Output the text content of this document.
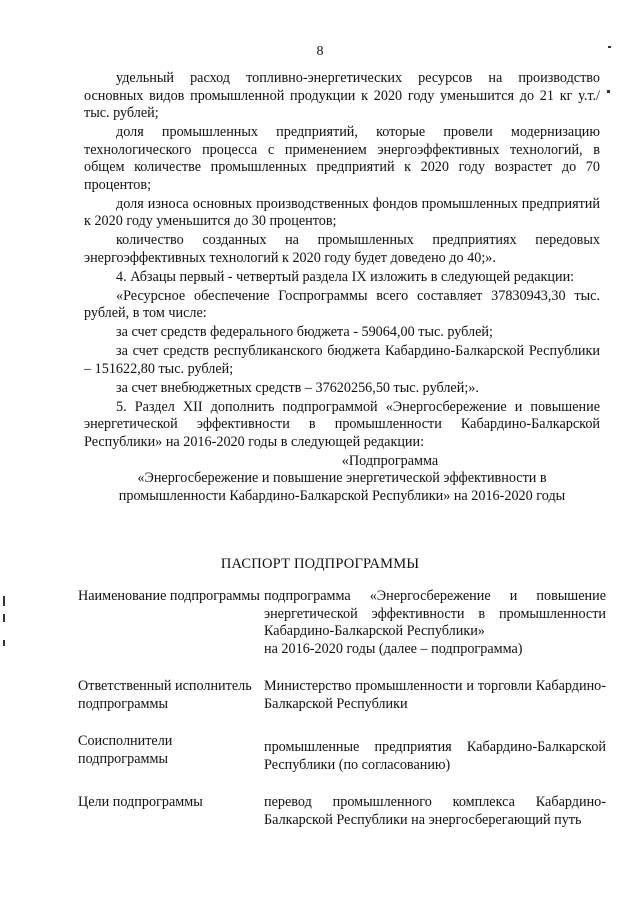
8

удельный расход топливно-энергетических ресурсов на производство основных видов промышленной продукции к 2020 году уменьшится до 21 кг у.т./тыс. рублей;

доля промышленных предприятий, которые провели модернизацию технологического процесса с применением энергоэффективных технологий, в общем количестве промышленных предприятий к 2020 году возрастет до 70 процентов;

доля износа основных производственных фондов промышленных предприятий к 2020 году уменьшится до 30 процентов;

количество созданных на промышленных предприятиях передовых энергоэффективных технологий к 2020 году будет доведено до 40;».

4. Абзацы первый - четвертый раздела IX изложить в следующей редакции:

«Ресурсное обеспечение Госпрограммы всего составляет 37830943,30 тыс. рублей, в том числе:

за счет средств федерального бюджета - 59064,00 тыс. рублей;

за счет средств республиканского бюджета Кабардино-Балкарской Республики – 151622,80 тыс. рублей;

за счет внебюджетных средств – 37620256,50 тыс. рублей;».

5. Раздел XII дополнить подпрограммой «Энергосбережение и повышение энергетической эффективности в промышленности Кабардино-Балкарской Республики» на 2016-2020 годы в следующей редакции:

«Подпрограмма

«Энергосбережение и повышение энергетической эффективности в

промышленности Кабардино-Балкарской Республики» на 2016-2020 годы

ПАСПОРТ ПОДПРОГРАММЫ
Наименование подпрограммы подпрограмма «Энергосбережение и повышение энергетической эффективности в промышленности Кабардино-Балкарской Республики»
на 2016-2020 годы (далее – подпрограмма)
Ответственный исполнитель подпрограммы
Министерство промышленности и торговли Кабардино-Балкарской Республики
Соисполнители подпрограммы
промышленные предприятия Кабардино-Балкарской Республики (по согласованию)
Цели подпрограммы	перевод промышленного комплекса Кабардино-Балкарской Республики на энергосберегающий путь
